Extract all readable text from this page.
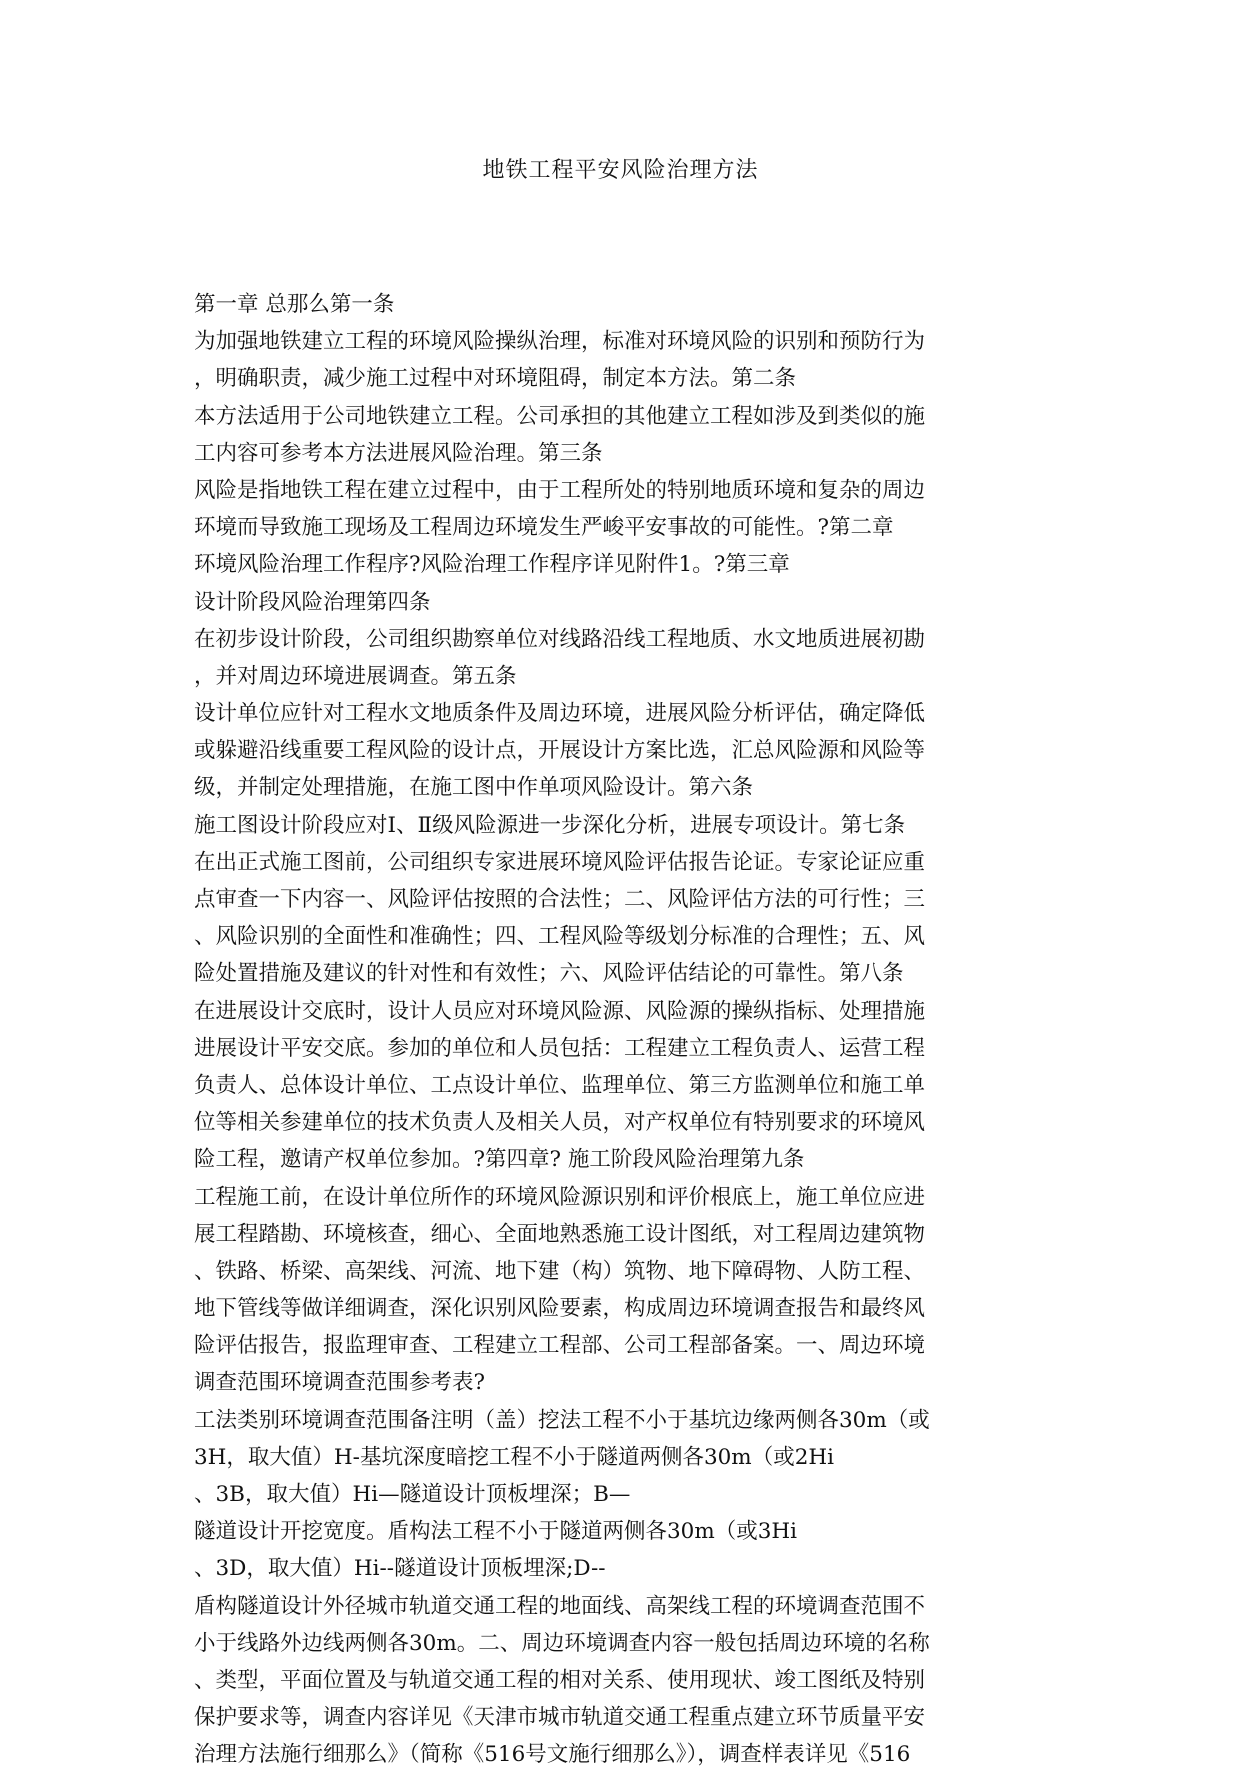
地铁工程平安风险治理方法
第一章 总那么第一条
为加强地铁建立工程的环境风险操纵治理，标准对环境风险的识别和预防行为
，明确职责，减少施工过程中对环境阻碍，制定本方法。第二条
本方法适用于公司地铁建立工程。公司承担的其他建立工程如涉及到类似的施
工内容可参考本方法进展风险治理。第三条
风险是指地铁工程在建立过程中，由于工程所处的特别地质环境和复杂的周边
环境而导致施工现场及工程周边环境发生严峻平安事故的可能性。?第二章
环境风险治理工作程序?风险治理工作程序详见附件1。?第三章
设计阶段风险治理第四条
在初步设计阶段，公司组织勘察单位对线路沿线工程地质、水文地质进展初勘
，并对周边环境进展调查。第五条
设计单位应针对工程水文地质条件及周边环境，进展风险分析评估，确定降低
或躲避沿线重要工程风险的设计点，开展设计方案比选，汇总风险源和风险等
级，并制定处理措施，在施工图中作单项风险设计。第六条
施工图设计阶段应对Ⅰ、Ⅱ级风险源进一步深化分析，进展专项设计。第七条
在出正式施工图前，公司组织专家进展环境风险评估报告论证。专家论证应重
点审查一下内容一、风险评估按照的合法性；二、风险评估方法的可行性；三
、风险识别的全面性和准确性；四、工程风险等级划分标准的合理性；五、风
险处置措施及建议的针对性和有效性；六、风险评估结论的可靠性。第八条
在进展设计交底时，设计人员应对环境风险源、风险源的操纵指标、处理措施
进展设计平安交底。参加的单位和人员包括：工程建立工程负责人、运营工程
负责人、总体设计单位、工点设计单位、监理单位、第三方监测单位和施工单
位等相关参建单位的技术负责人及相关人员，对产权单位有特别要求的环境风
险工程，邀请产权单位参加。?第四章? 施工阶段风险治理第九条
工程施工前，在设计单位所作的环境风险源识别和评价根底上，施工单位应进
展工程踏勘、环境核查，细心、全面地熟悉施工设计图纸，对工程周边建筑物
、铁路、桥梁、高架线、河流、地下建（构）筑物、地下障碍物、人防工程、
地下管线等做详细调查，深化识别风险要素，构成周边环境调查报告和最终风
险评估报告，报监理审查、工程建立工程部、公司工程部备案。一、周边环境
调查范围环境调查范围参考表?
工法类别环境调查范围备注明（盖）挖法工程不小于基坑边缘两侧各30m（或
3H，取大值）H-基坑深度暗挖工程不小于隧道两侧各30m（或2Hi
、3B，取大值）Hi—隧道设计顶板埋深；B—
隧道设计开挖宽度。盾构法工程不小于隧道两侧各30m（或3Hi
、3D，取大值）Hi--隧道设计顶板埋深;D--
盾构隧道设计外径城市轨道交通工程的地面线、高架线工程的环境调查范围不
小于线路外边线两侧各30m。二、周边环境调查内容一般包括周边环境的名称
、类型，平面位置及与轨道交通工程的相对关系、使用现状、竣工图纸及特别
保护要求等，调查内容详见《天津市城市轨道交通工程重点建立环节质量平安
治理方法施行细那么》（简称《516号文施行细那么》），调查样表详见《516
